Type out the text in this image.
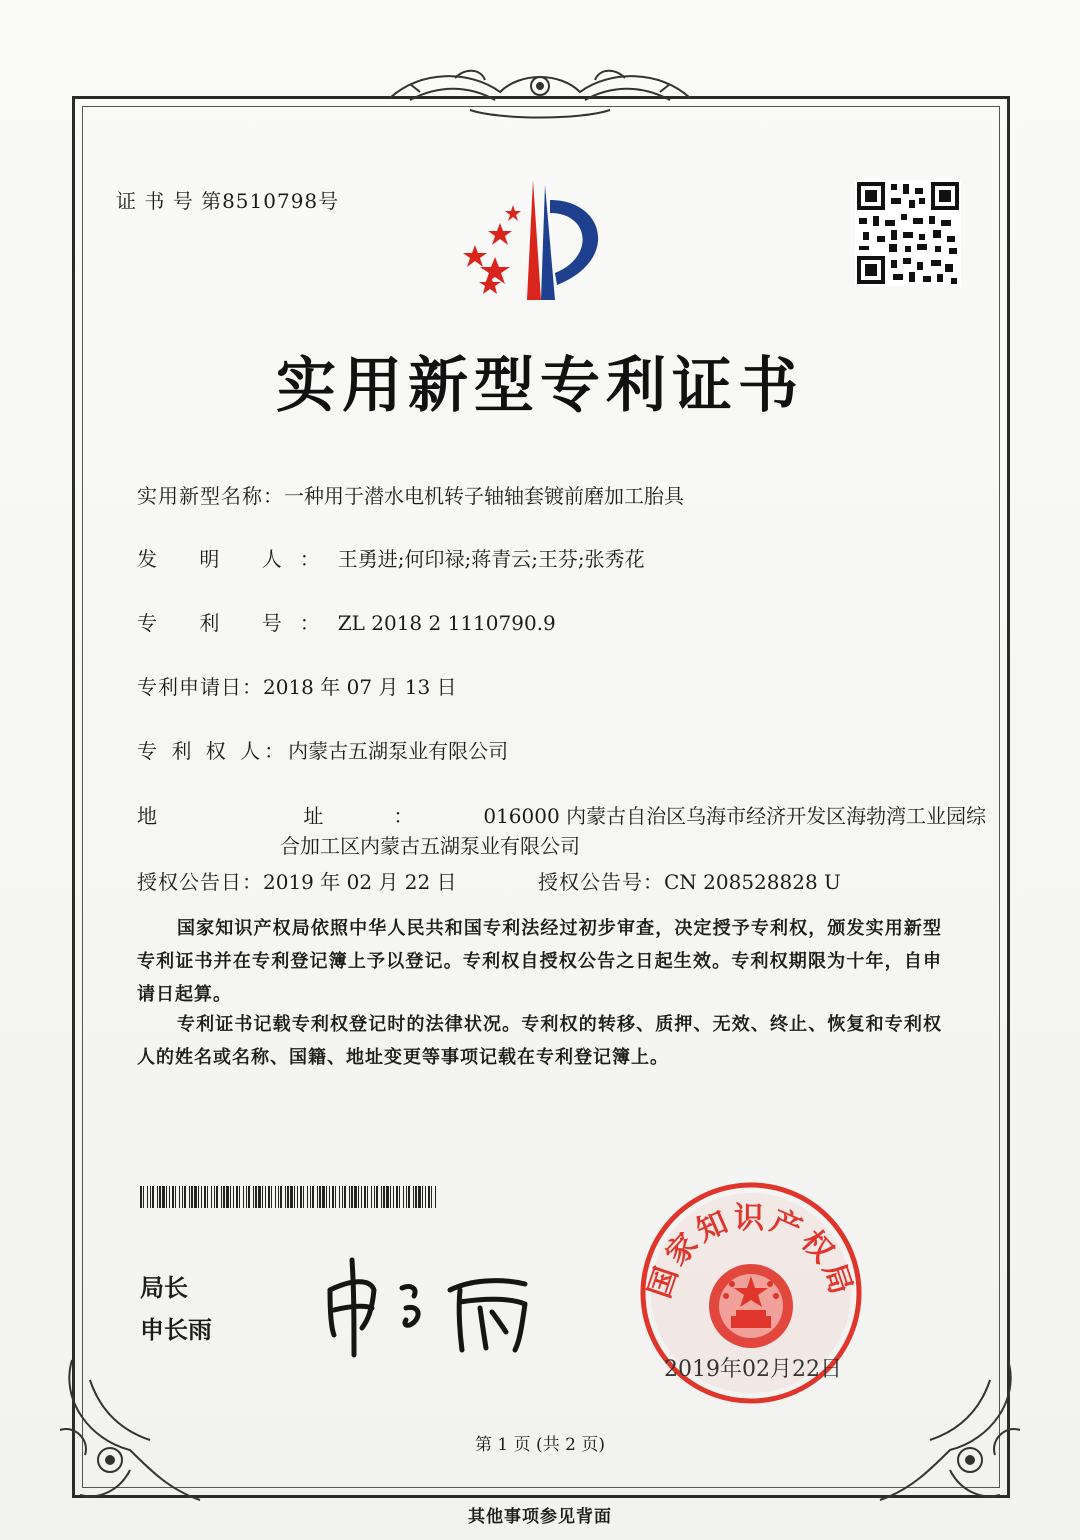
证 书 号 第8510798号
实用新型专利证书
实用新型名称：一种用于潜水电机转子轴轴套镀前磨加工胎具
发 明 人：王勇进;何印禄;蒋青云;王芬;张秀花
专 利 号：ZL 2018 2 1110790.9
专利申请日：2018 年 07 月 13 日
专 利 权 人：内蒙古五湖泵业有限公司
地 址：016000 内蒙古自治区乌海市经济开发区海勃湾工业园综
合加工区内蒙古五湖泵业有限公司
授权公告日：2019 年 02 月 22 日	授权公告号：CN 208528828 U
国家知识产权局依照中华人民共和国专利法经过初步审查，决定授予专利权，颁发实用新型专利证书并在专利登记簿上予以登记。专利权自授权公告之日起生效。专利权期限为十年，自申请日起算。
专利证书记载专利权登记时的法律状况。专利权的转移、质押、无效、终止、恢复和专利权人的姓名或名称、国籍、地址变更等事项记载在专利登记簿上。
局长
申长雨
国家知识产权局
2019年02月22日
第 1 页 (共 2 页)
其他事项参见背面
